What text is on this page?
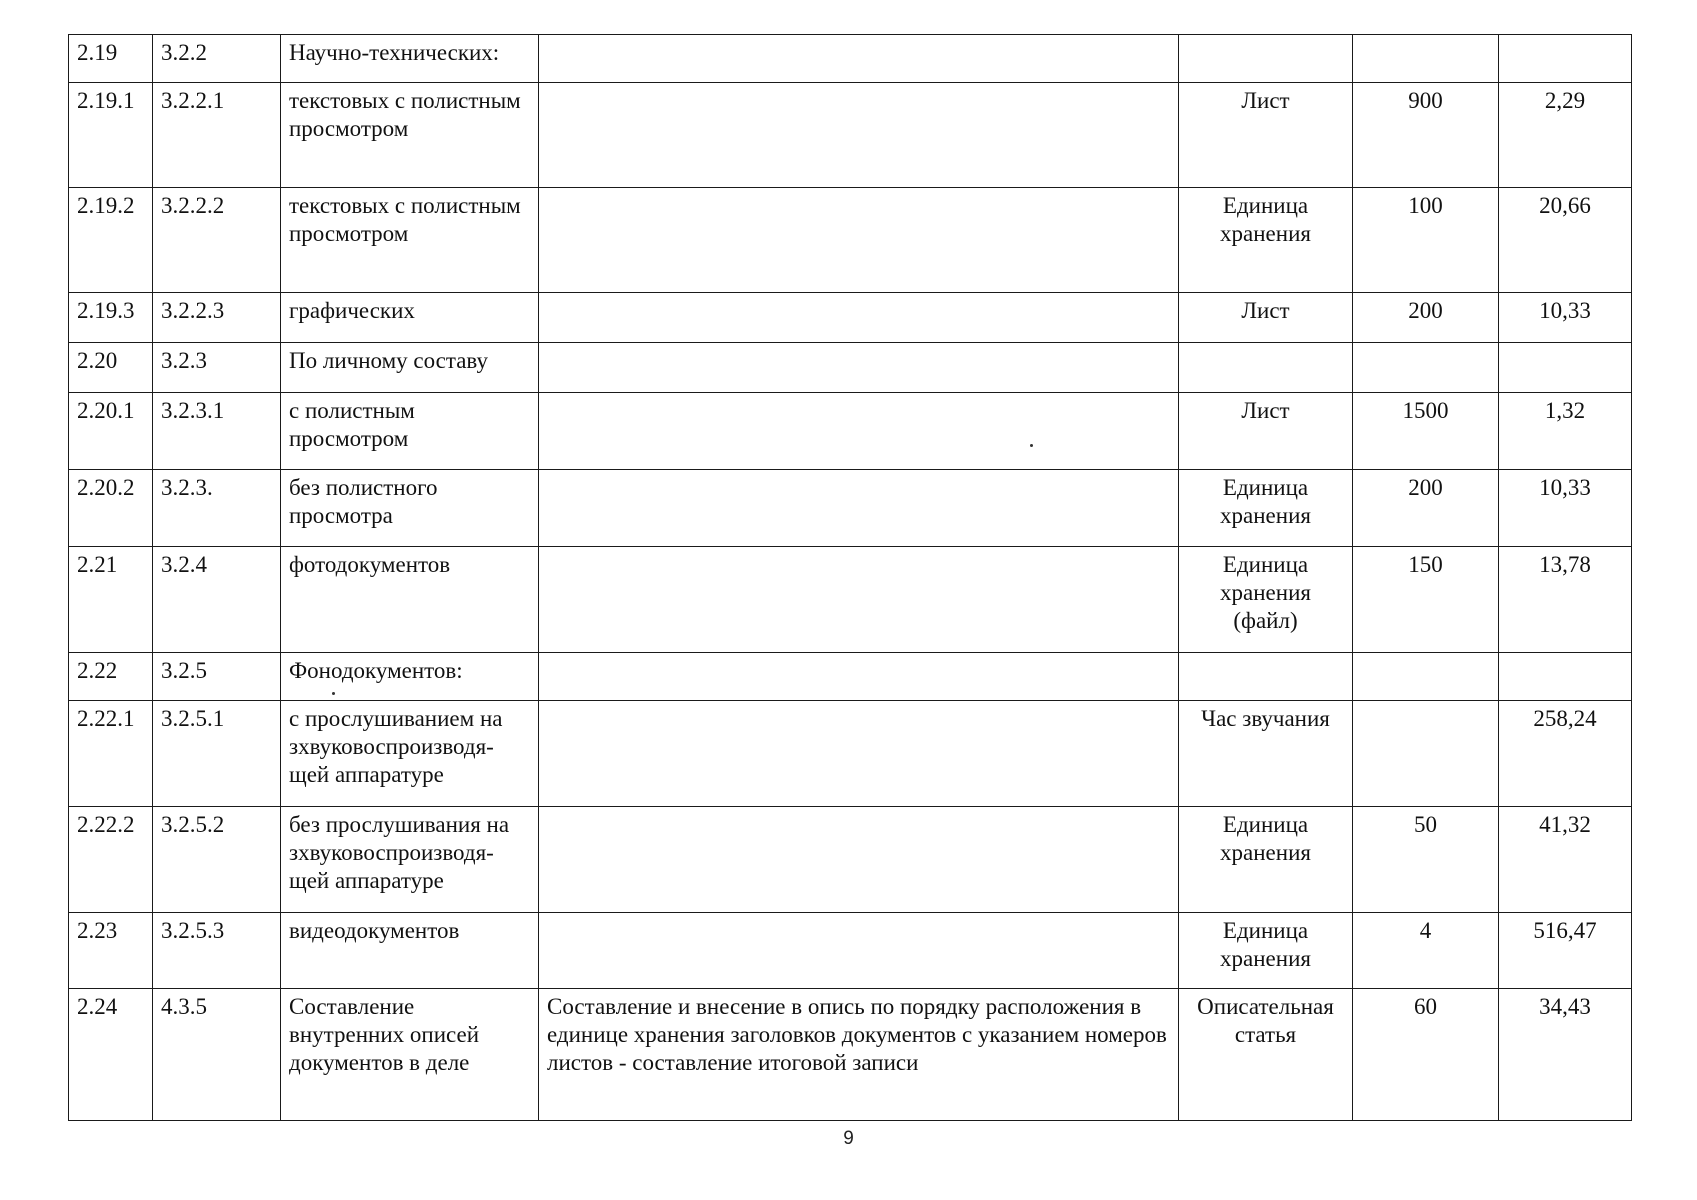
2.19	3.2.2	Научно-технических:				
2.19.1	3.2.2.1	текстовых с полистным просмотром		Лист	900	2,29
2.19.2	3.2.2.2	текстовых с полистным просмотром		Единица хранения	100	20,66
2.19.3	3.2.2.3	графических		Лист	200	10,33
2.20	3.2.3	По личному составу				
2.20.1	3.2.3.1	с полистным просмотром		Лист	1500	1,32
2.20.2	3.2.3.	без полистного просмотра		Единица хранения	200	10,33
2.21	3.2.4	фотодокументов		Единица хранения (файл)	150	13,78
2.22	3.2.5	Фонодокументов:				
2.22.1	3.2.5.1	с прослушиванием на зхвуковоспроизводя-щей аппаратуре		Час звучания		258,24
2.22.2	3.2.5.2	без прослушивания на зхвуковоспроизводя-щей аппаратуре		Единица хранения	50	41,32
2.23	3.2.5.3	видеодокументов		Единица хранения	4	516,47
2.24	4.3.5	Составление внутренних описей документов в деле	Составление и внесение в опись по порядку расположения в единице хранения заголовков документов с указанием номеров листов - составление итоговой записи	Описательная статья	60	34,43
9
